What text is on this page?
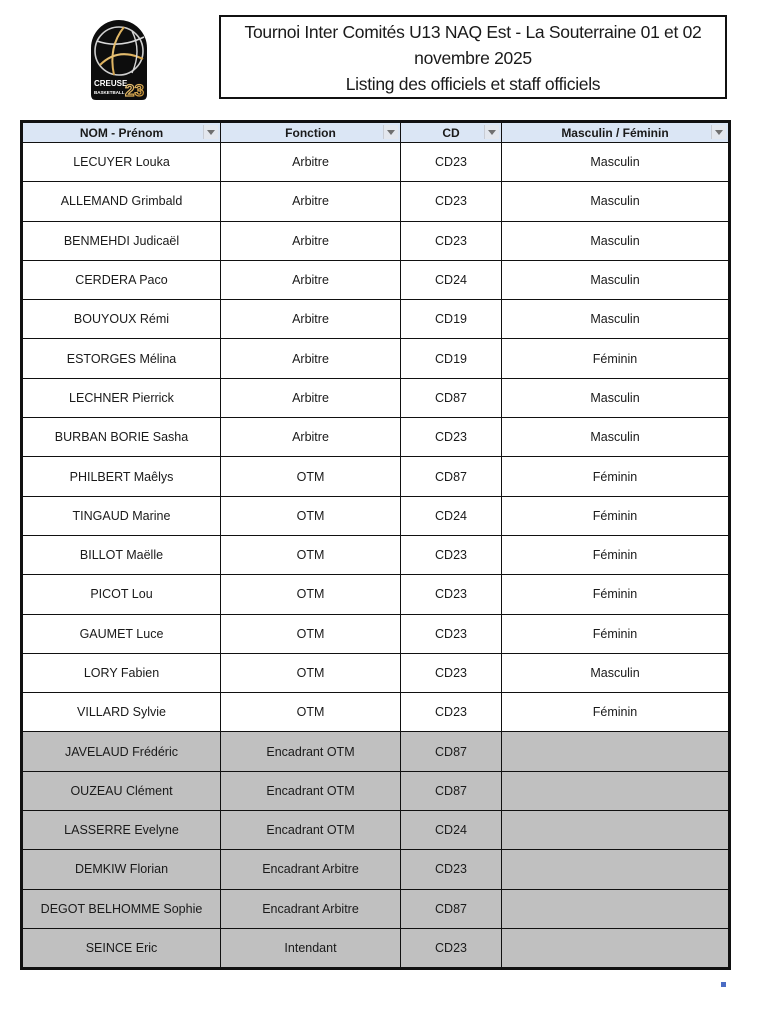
CREUSE
BASKETBALL 23
Tournoi Inter Comités U13 NAQ Est - La Souterraine 01 et 02
novembre 2025
Listing des officiels et staff officiels
NOM - Prénom	Fonction	CD	Masculin / Féminin

LECUYER Louka	Arbitre	CD23	Masculin
ALLEMAND Grimbald	Arbitre	CD23	Masculin
BENMEHDI Judicaël	Arbitre	CD23	Masculin
CERDERA Paco	Arbitre	CD24	Masculin
BOUYOUX Rémi	Arbitre	CD19	Masculin
ESTORGES Mélina	Arbitre	CD19	Féminin
LECHNER Pierrick	Arbitre	CD87	Masculin
BURBAN BORIE Sasha	Arbitre	CD23	Masculin
PHILBERT Maêlys	OTM	CD87	Féminin
TINGAUD Marine	OTM	CD24	Féminin
BILLOT Maëlle	OTM	CD23	Féminin
PICOT Lou	OTM	CD23	Féminin
GAUMET Luce	OTM	CD23	Féminin
LORY Fabien	OTM	CD23	Masculin
VILLARD Sylvie	OTM	CD23	Féminin
JAVELAUD Frédéric	Encadrant OTM	CD87	
OUZEAU Clément	Encadrant OTM	CD87	
LASSERRE Evelyne	Encadrant OTM	CD24	
DEMKIW Florian	Encadrant Arbitre	CD23	
DEGOT BELHOMME Sophie	Encadrant Arbitre	CD87	
SEINCE Eric	Intendant	CD23	
